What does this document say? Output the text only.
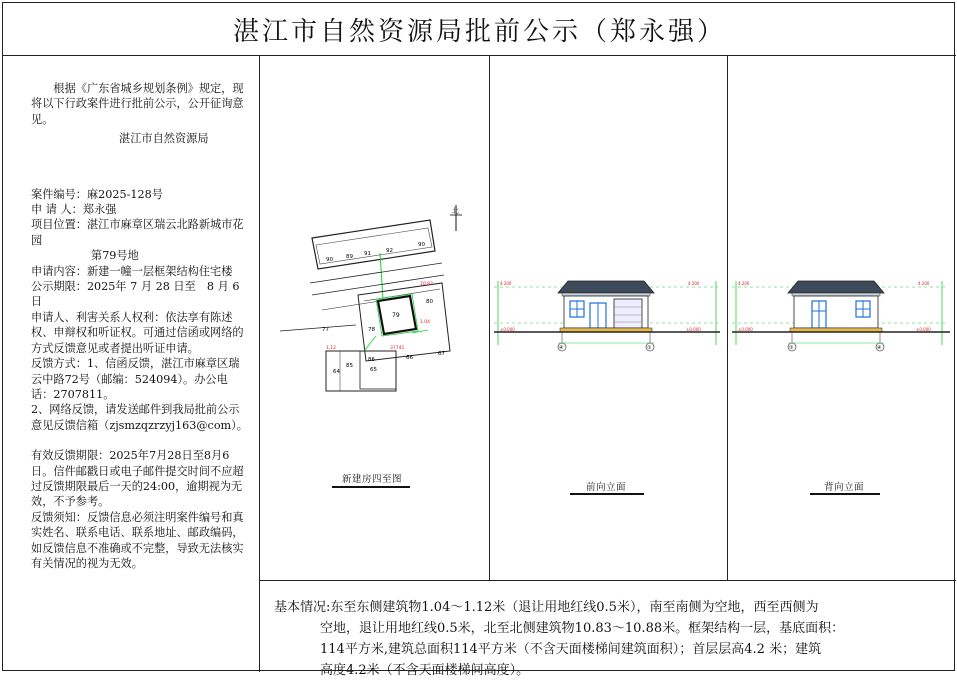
湛江市自然资源局批前公示（郑永强）

根据《广东省城乡规划条例》规定，现将以下行政案件进行批前公示，公开征询意见。

湛江市自然资源局

案件编号：麻2025-128号

申 请 人：郑永强

项目位置：湛江市麻章区瑞云北路新城市花园

第79号地

申请内容：新建一幢一层框架结构住宅楼

公示期限：2025年 7 月 28 日至　8 月 6 日

申请人、利害关系人权利：依法享有陈述权、申辩权和听证权。可通过信函或网络的方式反馈意见或者提出听证申请。

反馈方式：1、信函反馈，湛江市麻章区瑞云中路72号（邮编：524094）。办公电话：2707811。

2、网络反馈，请发送邮件到我局批前公示意见反馈信箱（zjsmzqzrzyj163@com）。

有效反馈期限：2025年7月28日至8月6日。信件邮戳日或电子邮件提交时间不应超过反馈期限最后一天的24:00，逾期视为无效，不予参考。

反馈须知：反馈信息必须注明案件编号和真实姓名、联系电话、联系地址、邮政编码，如反馈信息不准确或不完整，导致无法核实有关情况的视为无效。

北
90 89 91	92
90
79
78
80
1.04
10.83
77
64
85
86
65
66
67
1.12	37741
新建房四至图
④	①
4.200	4.200
±0.000	±0.000
前向立面
①	④
4.200	4.200
±0.000	±0.000
背向立面
基本情况:东至东侧建筑物1.04～1.12米（退让用地红线0.5米），南至南侧为空地，西至西侧为
空地，退让用地红线0.5米，北至北侧建筑物10.83～10.88米。框架结构一层，基底面积：
114平方米,建筑总面积114平方米（不含天面楼梯间建筑面积）；首层层高4.2 米；建筑
高度4.2米（不含天面楼梯间高度）。
